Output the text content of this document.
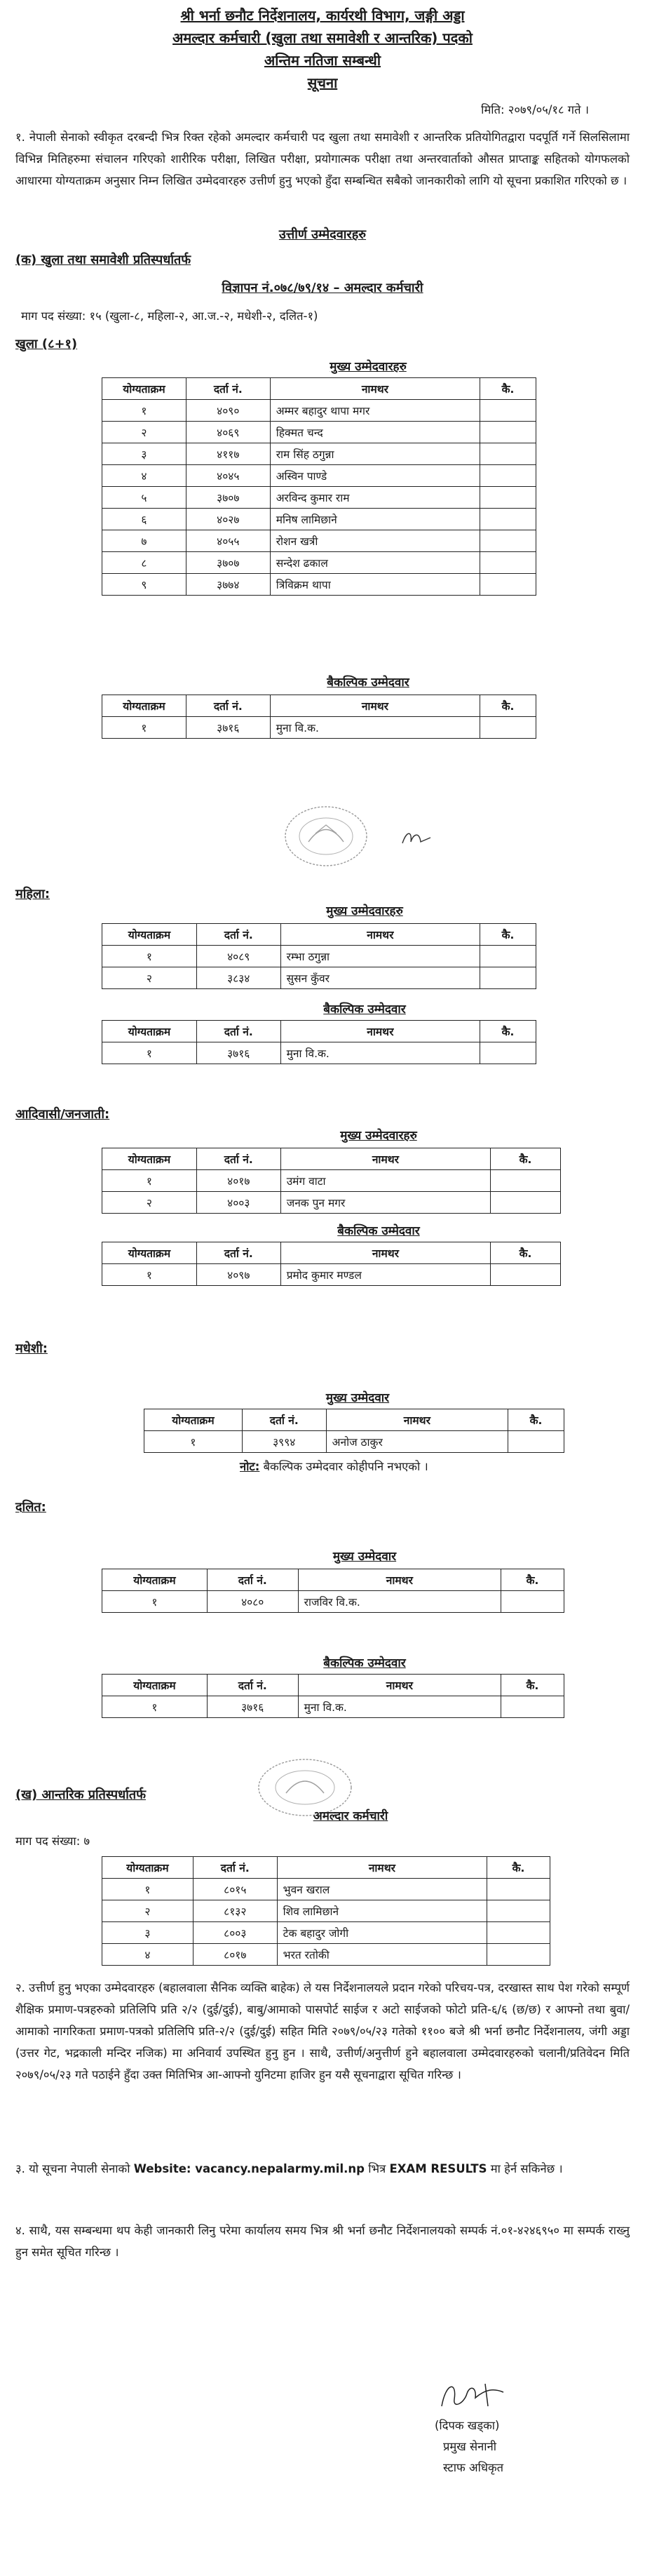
श्री भर्ना छनौट निर्देशनालय, कार्यरथी विभाग, जङ्गी अड्डा
अमल्दार कर्मचारी (खुला तथा समावेशी र आन्तरिक) पदको
अन्तिम नतिजा सम्बन्धी
सूचना
मिति: २०७९/०५/१८ गते ।
१. नेपाली सेनाको स्वीकृत दरबन्दी भित्र रिक्त रहेको अमल्दार कर्मचारी पद खुला तथा समावेशी र आन्तरिक प्रतियोगितद्वारा पदपूर्ति गर्ने सिलसिलामा विभिन्न मितिहरुमा संचालन गरिएको शारीरिक परीक्षा, लिखित परीक्षा, प्रयोगात्मक परीक्षा तथा अन्तरवार्ताको औसत प्राप्ताङ्क सहितको योगफलको आधारमा योग्यताक्रम अनुसार निम्न लिखित उम्मेदवारहरु उत्तीर्ण हुनु भएको हुँदा सम्बन्धित सबैको जानकारीको लागि यो सूचना प्रकाशित गरिएको छ ।
उत्तीर्ण उम्मेदवारहरु
(क) खुला तथा समावेशी प्रतिस्पर्धातर्फ
विज्ञापन नं.०७८/७९/१४ – अमल्दार कर्मचारी
माग पद संख्या: १५ (खुला-८, महिला-२, आ.ज.-२, मधेशी-२, दलित-१)
खुला (८+१)
मुख्य उम्मेदवारहरु
योग्यताक्रम	दर्ता नं.	नामथर	कै.
१	४०९०	अम्मर बहादुर थापा मगर	
२	४०६९	हिक्मत चन्द	
३	४११७	राम सिंह ठगुन्ना	
४	४०४५	अस्विन पाण्डे	
५	३७०७	अरविन्द कुमार राम	
६	४०२७	मनिष लामिछाने	
७	४०५५	रोशन खत्री	
८	३७०७	सन्देश ढकाल	
९	३७७४	त्रिविक्रम थापा	
बैकल्पिक उम्मेदवार
योग्यताक्रम	दर्ता नं.	नामथर	कै.
१	३७१६	मुना वि.क.	
महिला:
मुख्य उम्मेदवारहरु
योग्यताक्रम	दर्ता नं.	नामथर	कै.
१	४०८९	रम्भा ठगुन्ना	
२	३८३४	सुसन कुँवर	
बैकल्पिक उम्मेदवार
योग्यताक्रम	दर्ता नं.	नामथर	कै.
१	३७१६	मुना वि.क.	
आदिवासी/जनजाती:
मुख्य उम्मेदवारहरु
योग्यताक्रम	दर्ता नं.	नामथर	कै.
१	४०१७	उमंग वाटा	
२	४००३	जनक पुन मगर	
बैकल्पिक उम्मेदवार
योग्यताक्रम	दर्ता नं.	नामथर	कै.
१	४०९७	प्रमोद कुमार मण्डल	
मधेशी:
मुख्य उम्मेदवार
योग्यताक्रम	दर्ता नं.	नामथर	कै.
१	३९९४	अनोज ठाकुर	
नोट: बैकल्पिक उम्मेदवार कोहीपनि नभएको ।
दलित:
मुख्य उम्मेदवार
योग्यताक्रम	दर्ता नं.	नामथर	कै.
१	४०८०	राजविर वि.क.	
बैकल्पिक उम्मेदवार
योग्यताक्रम	दर्ता नं.	नामथर	कै.
१	३७१६	मुना वि.क.	
(ख) आन्तरिक प्रतिस्पर्धातर्फ
अमल्दार कर्मचारी
माग पद संख्या: ७
योग्यताक्रम	दर्ता नं.	नामथर	कै.
१	८०१५	भुवन खराल	
२	८१३२	शिव लामिछाने	
३	८००३	टेक बहादुर जोगी	
४	८०१७	भरत रतोकी	
२. उत्तीर्ण हुनु भएका उम्मेदवारहरु (बहालवाला सैनिक व्यक्ति बाहेक) ले यस निर्देशनालयले प्रदान गरेको परिचय-पत्र, दरखास्त साथ पेश गरेको सम्पूर्ण शैक्षिक प्रमाण-पत्रहरुको प्रतिलिपि प्रति २/२ (दुई/दुई), बाबु/आमाको पासपोर्ट साईज र अटो साईजको फोटो प्रति-६/६ (छ/छ) र आफ्नो तथा बुवा/आमाको नागरिकता प्रमाण-पत्रको प्रतिलिपि प्रति-२/२ (दुई/दुई) सहित मिति २०७९/०५/२३ गतेको ११०० बजे श्री भर्ना छनौट निर्देशनालय, जंगी अड्डा (उत्तर गेट, भद्रकाली मन्दिर नजिक) मा अनिवार्य उपस्थित हुनु हुन । साथै, उत्तीर्ण/अनुत्तीर्ण हुने बहालवाला उम्मेदवारहरुको चलानी/प्रतिवेदन मिति २०७९/०५/२३ गते पठाईने हुँदा उक्त मितिभित्र आ-आफ्नो युनिटमा हाजिर हुन यसै सूचनाद्वारा सूचित गरिन्छ ।
३. यो सूचना नेपाली सेनाको Website: vacancy.nepalarmy.mil.np भित्र EXAM RESULTS मा हेर्न सकिनेछ ।
४. साथै, यस सम्बन्धमा थप केही जानकारी लिनु परेमा कार्यालय समय भित्र श्री भर्ना छनौट निर्देशनालयको सम्पर्क नं.०१-४२४६९५० मा सम्पर्क राख्नु हुन समेत सूचित गरिन्छ ।
(दिपक खड्का)
प्रमुख सेनानी
स्टाफ अधिकृत
